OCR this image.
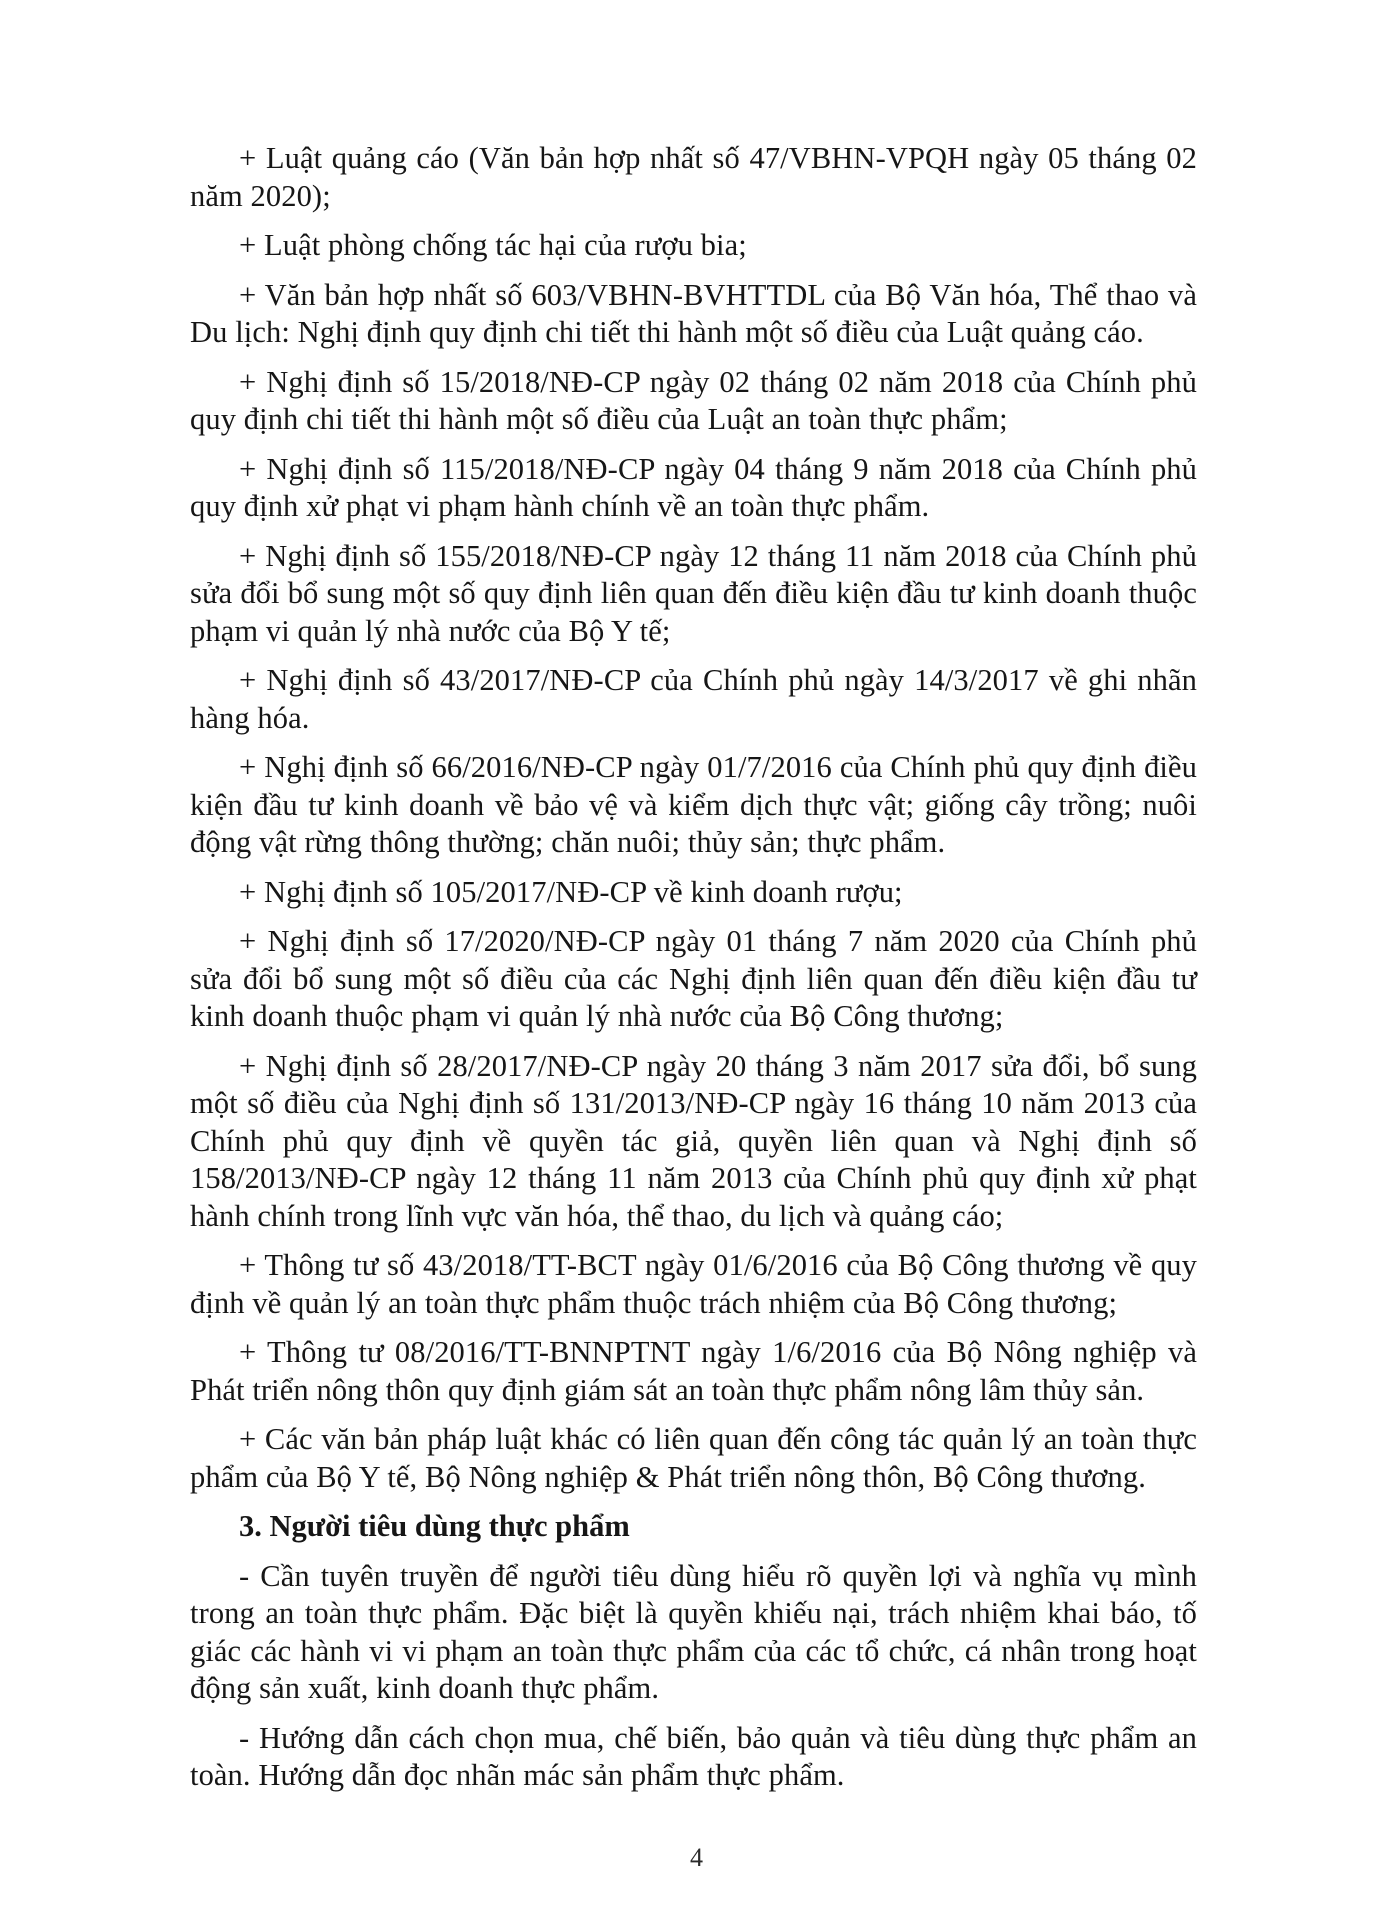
+ Luật quảng cáo (Văn bản hợp nhất số 47/VBHN-VPQH ngày 05 tháng 02 năm 2020);

+ Luật phòng chống tác hại của rượu bia;

+ Văn bản hợp nhất số 603/VBHN-BVHTTDL của Bộ Văn hóa, Thể thao và Du lịch: Nghị định quy định chi tiết thi hành một số điều của Luật quảng cáo.

+ Nghị định số 15/2018/NĐ-CP ngày 02 tháng 02 năm 2018 của Chính phủ quy định chi tiết thi hành một số điều của Luật an toàn thực phẩm;

+ Nghị định số 115/2018/NĐ-CP ngày 04 tháng 9 năm 2018 của Chính phủ quy định xử phạt vi phạm hành chính về an toàn thực phẩm.

+ Nghị định số 155/2018/NĐ-CP ngày 12 tháng 11 năm 2018 của Chính phủ sửa đổi bổ sung một số quy định liên quan đến điều kiện đầu tư kinh doanh thuộc phạm vi quản lý nhà nước của Bộ Y tế;

+ Nghị định số 43/2017/NĐ-CP của Chính phủ ngày 14/3/2017 về ghi nhãn hàng hóa.

+ Nghị định số 66/2016/NĐ-CP ngày 01/7/2016 của Chính phủ quy định điều kiện đầu tư kinh doanh về bảo vệ và kiểm dịch thực vật; giống cây trồng; nuôi động vật rừng thông thường; chăn nuôi; thủy sản; thực phẩm.

+ Nghị định số 105/2017/NĐ-CP về kinh doanh rượu;

+ Nghị định số 17/2020/NĐ-CP ngày 01 tháng 7 năm 2020 của Chính phủ sửa đổi bổ sung một số điều của các Nghị định liên quan đến điều kiện đầu tư kinh doanh thuộc phạm vi quản lý nhà nước của Bộ Công thương;

+ Nghị định số 28/2017/NĐ-CP ngày 20 tháng 3 năm 2017 sửa đổi, bổ sung một số điều của Nghị định số 131/2013/NĐ-CP ngày 16 tháng 10 năm 2013 của Chính phủ quy định về quyền tác giả, quyền liên quan và Nghị định số 158/2013/NĐ-CP ngày 12 tháng 11 năm 2013 của Chính phủ quy định xử phạt hành chính trong lĩnh vực văn hóa, thể thao, du lịch và quảng cáo;

+ Thông tư số 43/2018/TT-BCT ngày 01/6/2016 của Bộ Công thương về quy định về quản lý an toàn thực phẩm thuộc trách nhiệm của Bộ Công thương;

+ Thông tư 08/2016/TT-BNNPTNT ngày 1/6/2016 của Bộ Nông nghiệp và Phát triển nông thôn quy định giám sát an toàn thực phẩm nông lâm thủy sản.

+ Các văn bản pháp luật khác có liên quan đến công tác quản lý an toàn thực phẩm của Bộ Y tế, Bộ Nông nghiệp & Phát triển nông thôn, Bộ Công thương.

3. Người tiêu dùng thực phẩm

- Cần tuyên truyền để người tiêu dùng hiểu rõ quyền lợi và nghĩa vụ mình trong an toàn thực phẩm. Đặc biệt là quyền khiếu nại, trách nhiệm khai báo, tố giác các hành vi vi phạm an toàn thực phẩm của các tổ chức, cá nhân trong hoạt động sản xuất, kinh doanh thực phẩm.

- Hướng dẫn cách chọn mua, chế biến, bảo quản và tiêu dùng thực phẩm an toàn. Hướng dẫn đọc nhãn mác sản phẩm thực phẩm.

4
